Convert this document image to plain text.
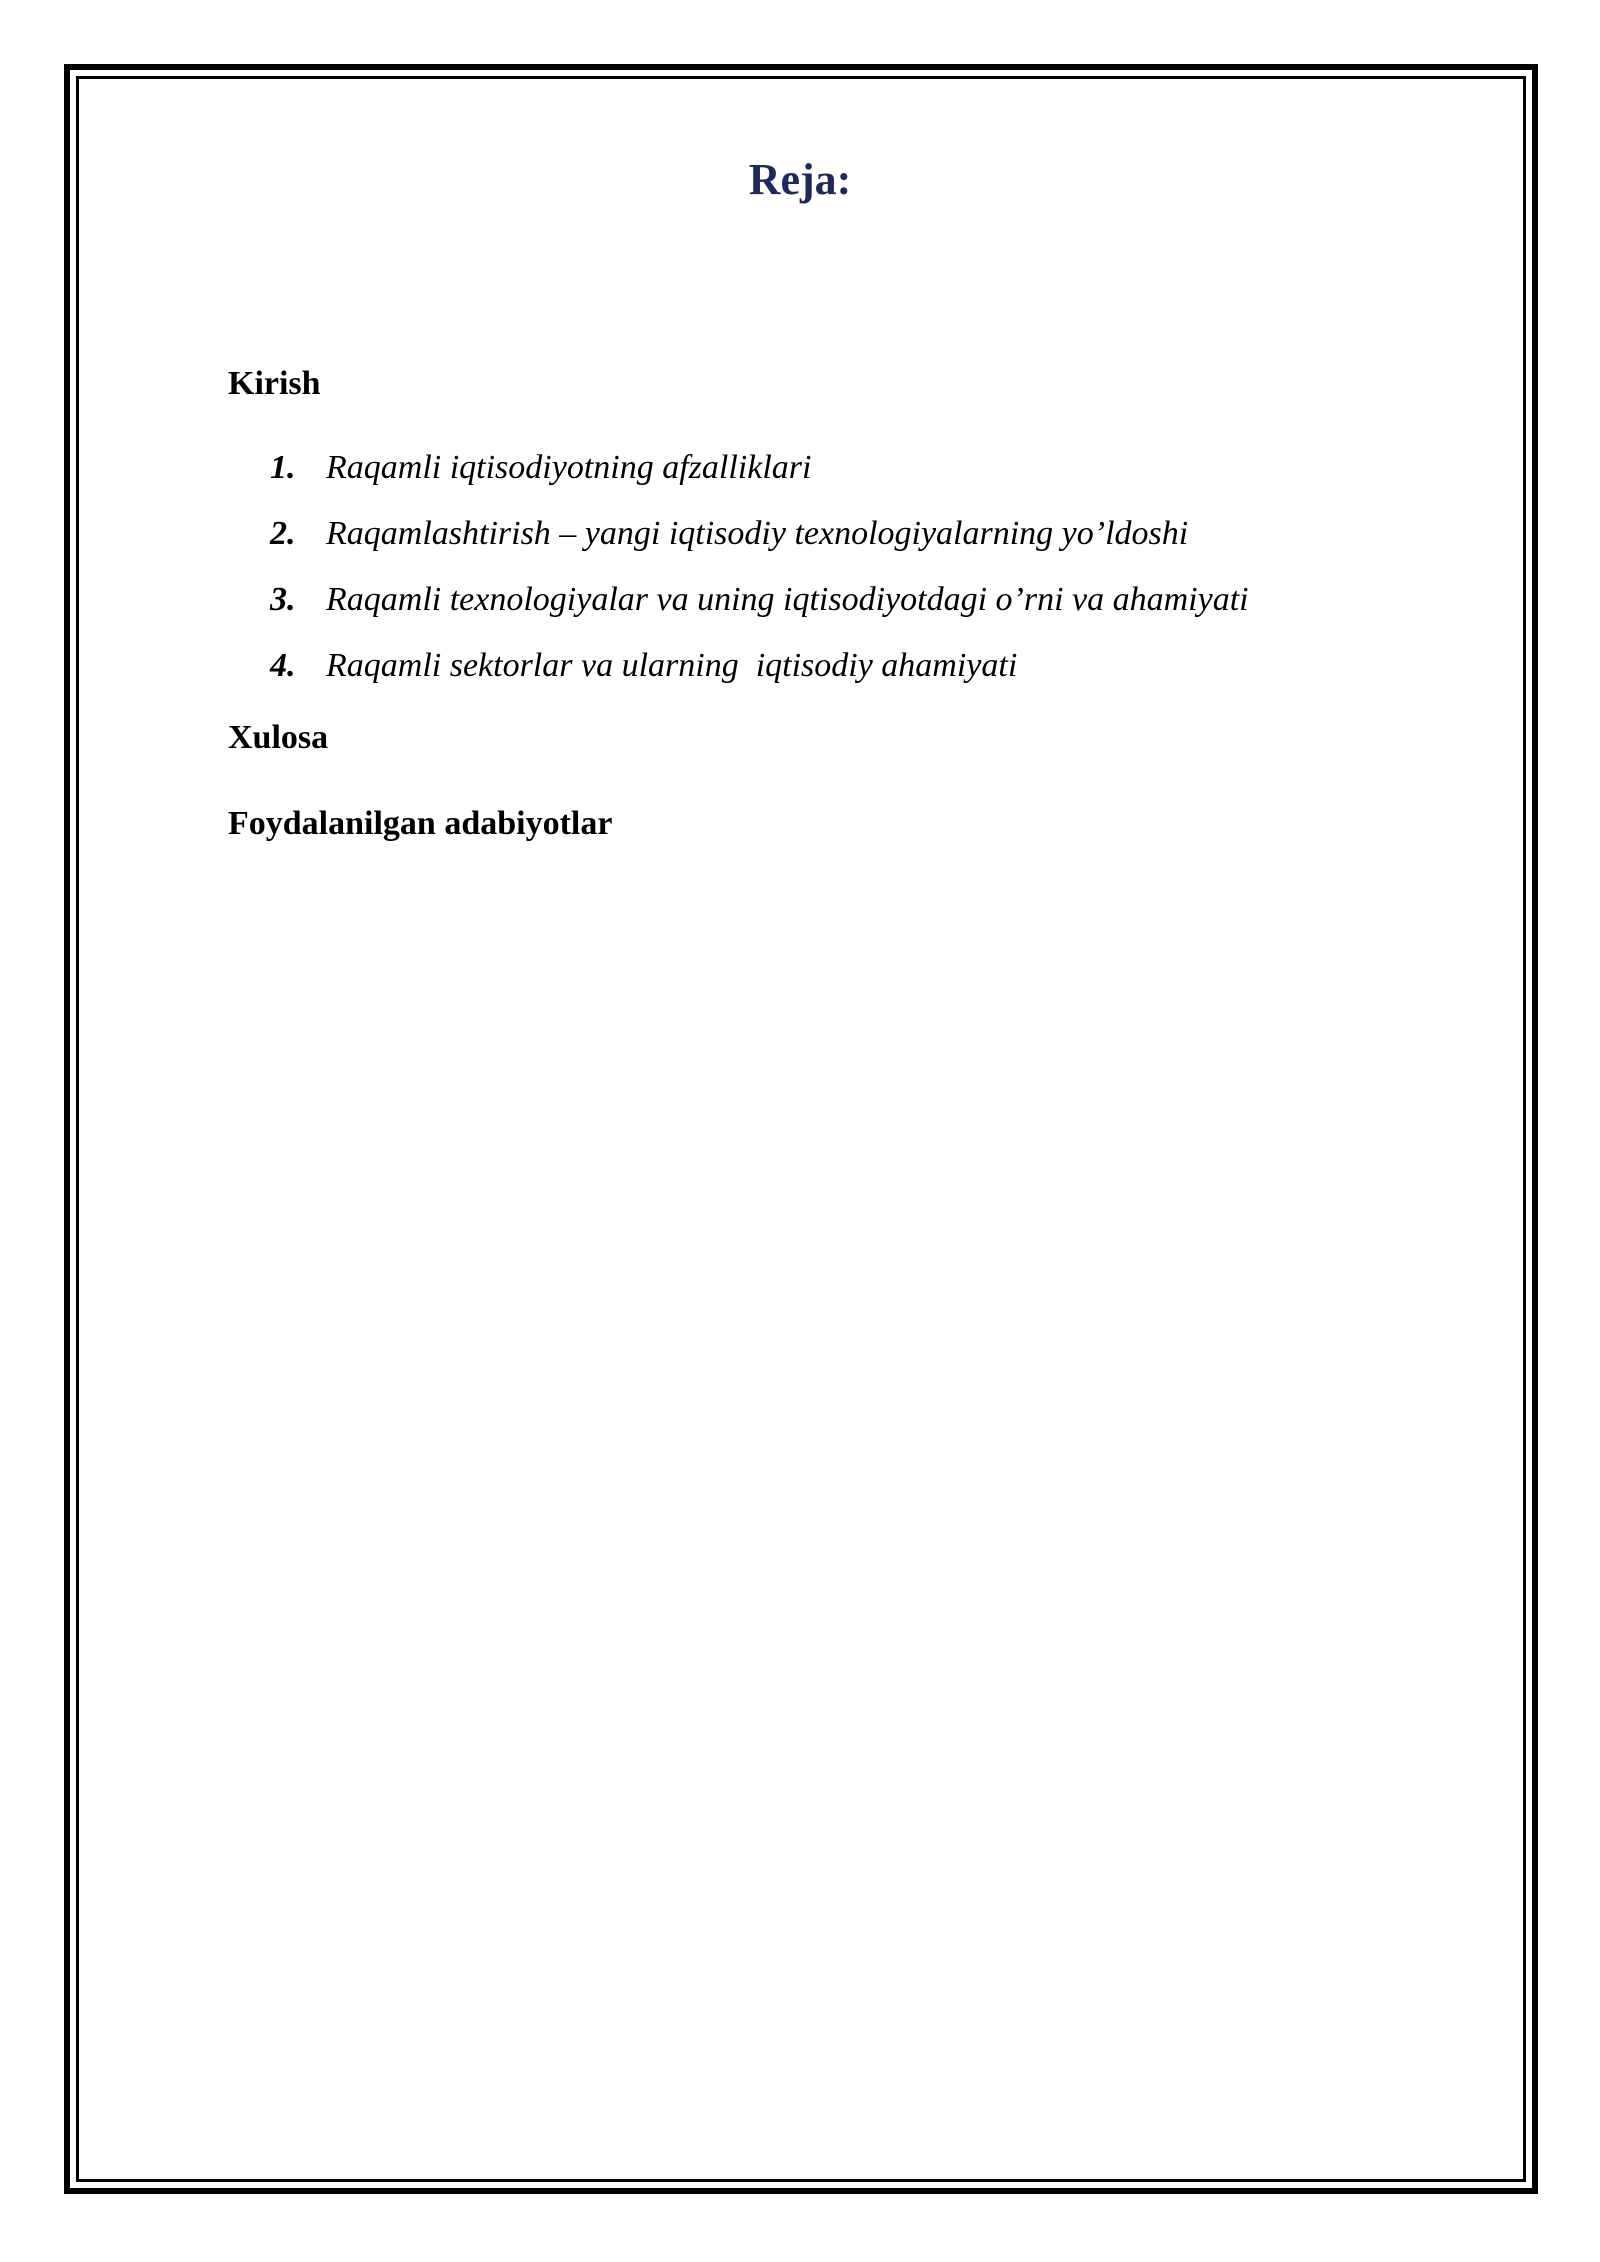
Reja:

Kirish

1. Raqamli iqtisodiyotning afzalliklari
2. Raqamlashtirish – yangi iqtisodiy texnologiyalarning yo’ldoshi
3. Raqamli texnologiyalar va uning iqtisodiyotdagi o’rni va ahamiyati
4. Raqamli sektorlar va ularning  iqtisodiy ahamiyati

Xulosa

Foydalanilgan adabiyotlar
